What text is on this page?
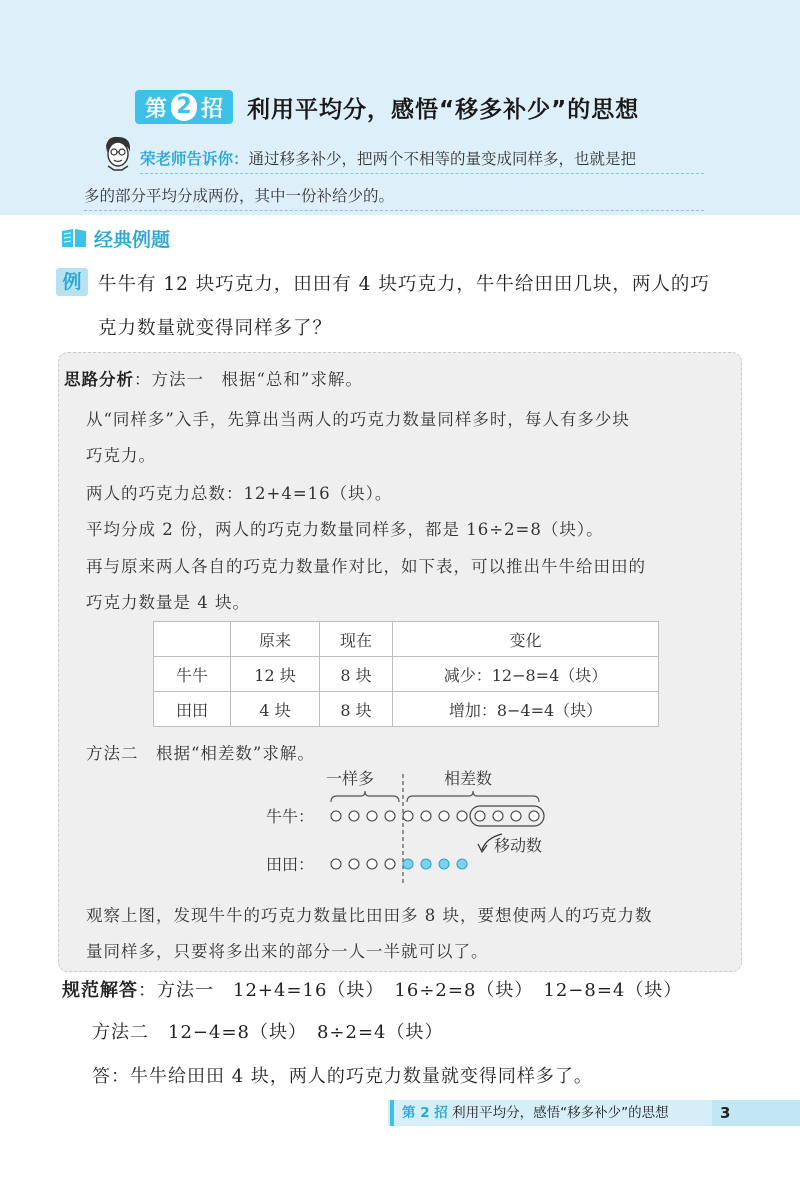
第 2 招 利用平均分，感悟“移多补少”的思想
荣老师告诉你：通过移多补少，把两个不相等的量变成同样多，也就是把
多的部分平均分成两份，其中一份补给少的。
经典例题
例 牛牛有 12 块巧克力，田田有 4 块巧克力，牛牛给田田几块，两人的巧
克力数量就变得同样多了？
思路分析：方法一　根据“总和”求解。
从“同样多”入手，先算出当两人的巧克力数量同样多时，每人有多少块
巧克力。
两人的巧克力总数：12+4=16（块）。
平均分成 2 份，两人的巧克力数量同样多，都是 16÷2=8（块）。
再与原来两人各自的巧克力数量作对比，如下表，可以推出牛牛给田田的
巧克力数量是 4 块。
	原来	现在	变化
牛牛	12 块	8 块	减少：12−8=4（块）
田田	4 块	8 块	增加：8−4=4（块）
方法二　根据“相差数”求解。
一样多	相差数
移动数
牛牛：
田田：
观察上图，发现牛牛的巧克力数量比田田多 8 块，要想使两人的巧克力数
量同样多，只要将多出来的部分一人一半就可以了。
规范解答：方法一　12+4=16（块）　16÷2=8（块）　12−8=4（块）
方法二　12−4=8（块）　8÷2=4（块）
答：牛牛给田田 4 块，两人的巧克力数量就变得同样多了。
第 2 招 利用平均分，感悟“移多补少”的思想	3
